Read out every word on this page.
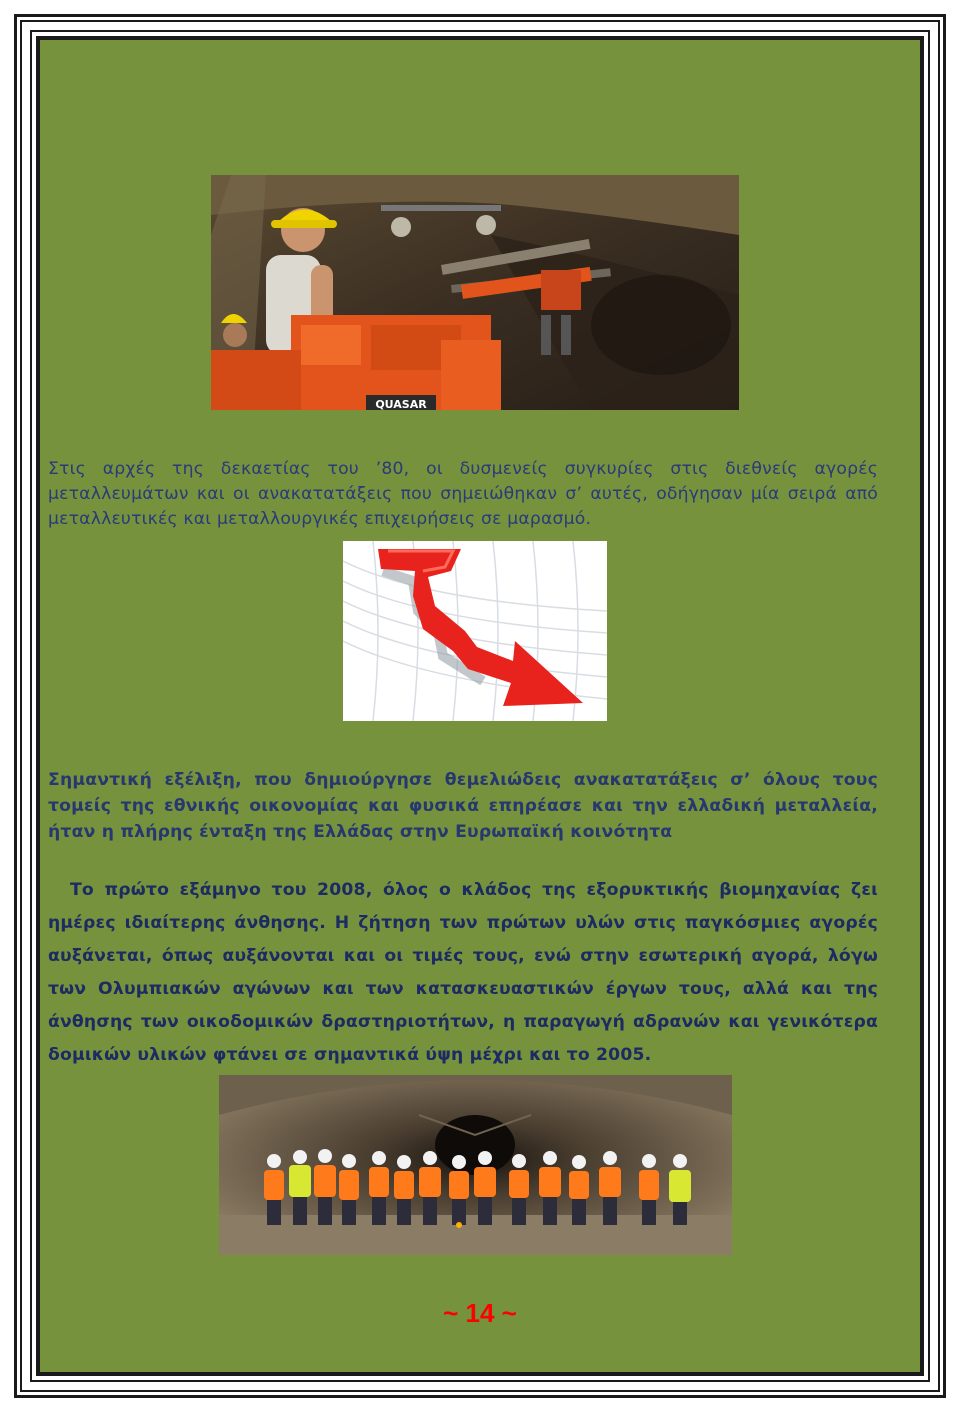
QUASAR

Στις αρχές της δεκαετίας του ’80, οι δυσμενείς συγκυρίες στις διεθνείς αγορές μεταλλευμάτων και οι ανακατατάξεις που σημειώθηκαν σ’ αυτές, οδήγησαν μία σειρά από μεταλλευτικές και μεταλλουργικές επιχειρήσεις σε μαρασμό.

Σημαντική εξέλιξη, που δημιούργησε θεμελιώδεις ανακατατάξεις σ’ όλους τους τομείς της εθνικής οικονομίας και φυσικά επηρέασε και την ελλαδική μεταλλεία, ήταν η πλήρης ένταξη της Ελλάδας στην Ευρωπαϊκή κοινότητα

Το πρώτο εξάμηνο του 2008, όλος ο κλάδος της εξορυκτικής βιομηχανίας ζει ημέρες ιδιαίτερης άνθησης. Η ζήτηση των πρώτων υλών στις παγκόσμιες αγορές αυξάνεται, όπως αυξάνονται και οι τιμές τους, ενώ στην εσωτερική αγορά, λόγω των Ολυμπιακών αγώνων και των κατασκευαστικών έργων τους, αλλά και της άνθησης των οικοδομικών δραστηριοτήτων, η παραγωγή αδρανών και γενικότερα δομικών υλικών φτάνει σε σημαντικά ύψη μέχρι και το 2005.

~ 14 ~
